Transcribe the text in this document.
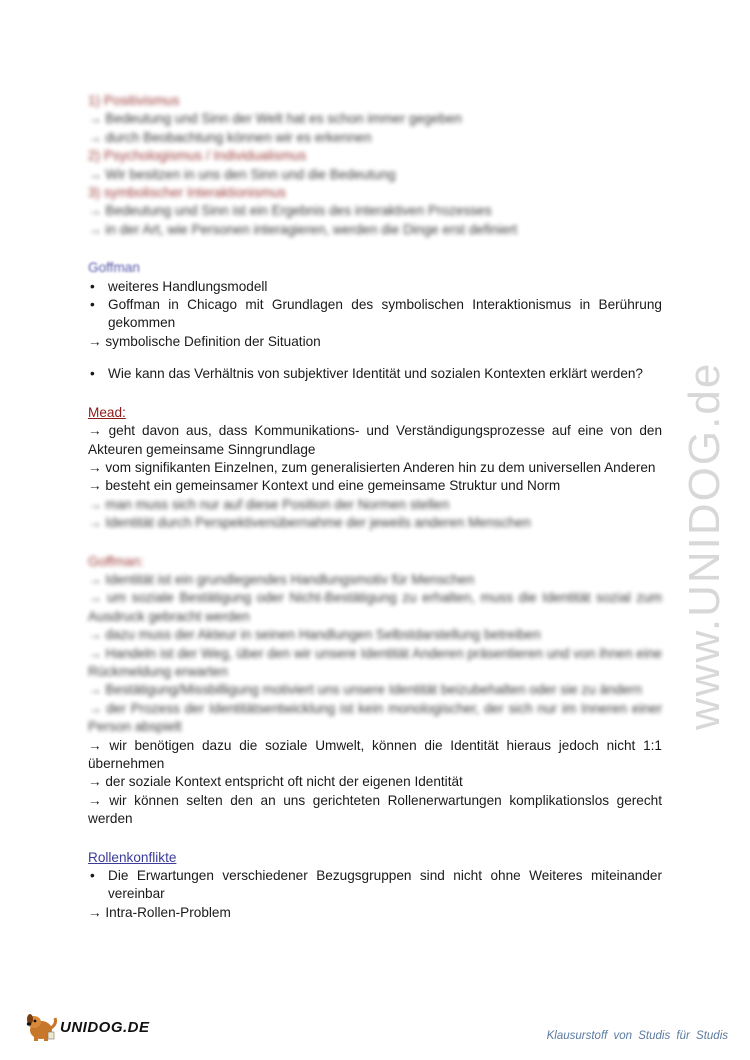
1) Positivismus
→ Bedeutung und Sinn der Welt hat es schon immer gegeben
→ durch Beobachtung können wir es erkennen
2) Psychologismus / Individualismus
→ Wir besitzen in uns den Sinn und die Bedeutung
3) symbolischer Interaktionismus
→ Bedeutung und Sinn ist ein Ergebnis des interaktiven Prozesses
→ in der Art, wie Personen interagieren, werden die Dinge erst definiert
Goffman
• weiteres Handlungsmodell
• Goffman in Chicago mit Grundlagen des symbolischen Interaktionismus in Berührung gekommen
→ symbolische Definition der Situation
• Wie kann das Verhältnis von subjektiver Identität und sozialen Kontexten erklärt werden?
Mead:
→ geht davon aus, dass Kommunikations- und Verständigungsprozesse auf eine von den Akteuren gemeinsame Sinngrundlage
→ vom signifikanten Einzelnen, zum generalisierten Anderen hin zu dem universellen Anderen
→ besteht ein gemeinsamer Kontext und eine gemeinsame Struktur und Norm
→ man muss sich nur auf diese Position der Normen stellen
→ Identität durch Perspektivenübernahme der jeweils anderen Menschen
Goffman:
→ Identität ist ein grundlegendes Handlungsmotiv für Menschen
→ um soziale Bestätigung oder Nicht-Bestätigung zu erhalten, muss die Identität sozial zum Ausdruck gebracht werden
→ dazu muss der Akteur in seinen Handlungen Selbstdarstellung betreiben
→ Handeln ist der Weg, über den wir unsere Identität Anderen präsentieren und von ihnen eine Rückmeldung erwarten
→ Bestätigung/Missbilligung motiviert uns unsere Identität beizubehalten oder sie zu ändern
→ der Prozess der Identitätsentwicklung ist kein monologischer, der sich nur im Inneren einer Person abspielt
→ wir benötigen dazu die soziale Umwelt, können die Identität hieraus jedoch nicht 1:1 übernehmen
→ der soziale Kontext entspricht oft nicht der eigenen Identität
→ wir können selten den an uns gerichteten Rollenerwartungen komplikationslos gerecht werden
Rollenkonflikte
• Die Erwartungen verschiedener Bezugsgruppen sind nicht ohne Weiteres miteinander vereinbar
→ Intra-Rollen-Problem
www.UNIDOG.de
UNIDOG.DE
Klausurstoff von Studis für Studis
